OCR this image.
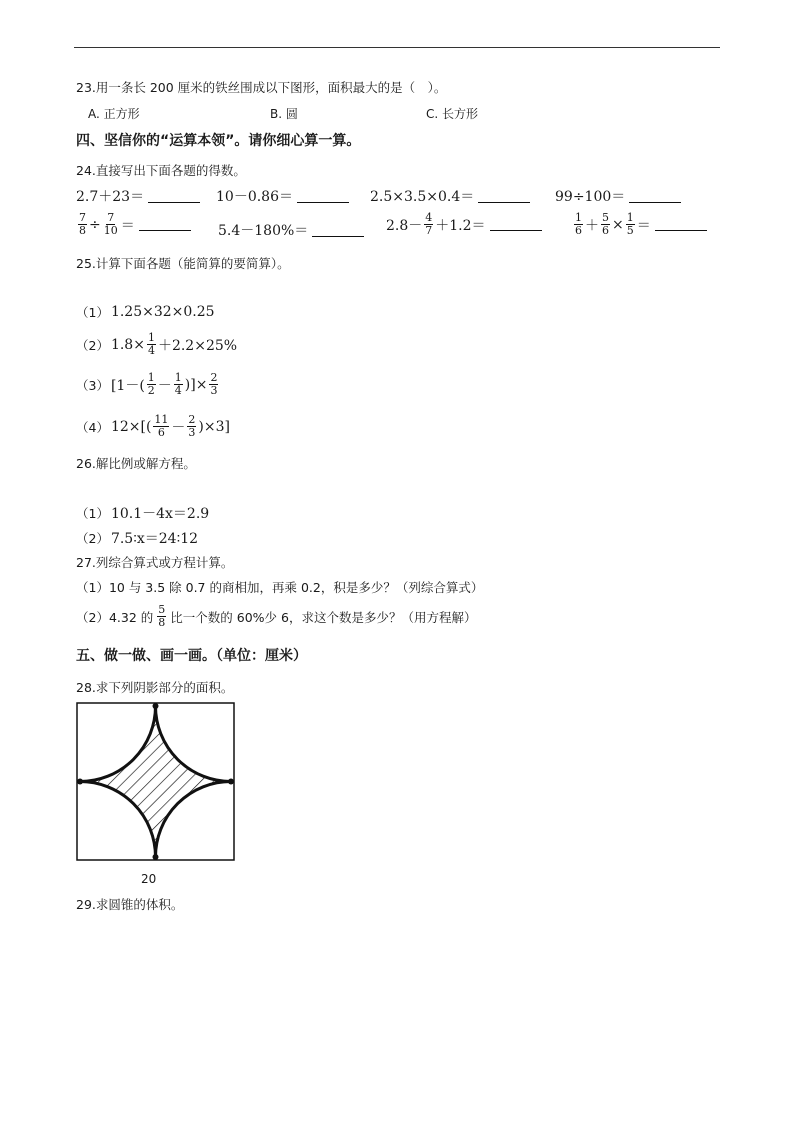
23.用一条长 200 厘米的铁丝围成以下图形，面积最大的是（　）。
A. 正方形	B. 圆	C. 长方形
四、坚信你的“运算本领”。请你细心算一算。
24.直接写出下面各题的得数。
2.7＋23＝	10－0.86＝	2.5×3.5×0.4＝	99÷100＝
$\frac{7}{8} \div \frac{7}{10}$ ＝	5.4－180%＝	$2.8- \frac{4}{7} +1.2=$	$\frac{1}{6} + \frac{5}{6} \times \frac{1}{5}$ ＝
25.计算下面各题（能简算的要简算）。
（1） 1.25×32×0.25
（2） $1.8\times \frac{1}{4} +2.2\times 25\%$
（3） [$1-( \frac{1}{2} - \frac{1}{4}$ )]× $\frac{2}{3}$
（4） $12\times[( \frac{11}{6} - \frac{2}{3} )\times 3]$
26.解比例或解方程。
（1） 10.1－4x＝2.9
（2） 7.5∶x＝24∶12
27.列综合算式或方程计算。
（1）10 与 3.5 除 0.7 的商相加，再乘 0.2，积是多少？（列综合算式）
（2）4.32 的 $\frac{5}{8}$ 比一个数的 60%少 6，求这个数是多少？（用方程解）
五、做一做、画一画。（单位：厘米）
28.求下列阴影部分的面积。
20
29.求圆锥的体积。
